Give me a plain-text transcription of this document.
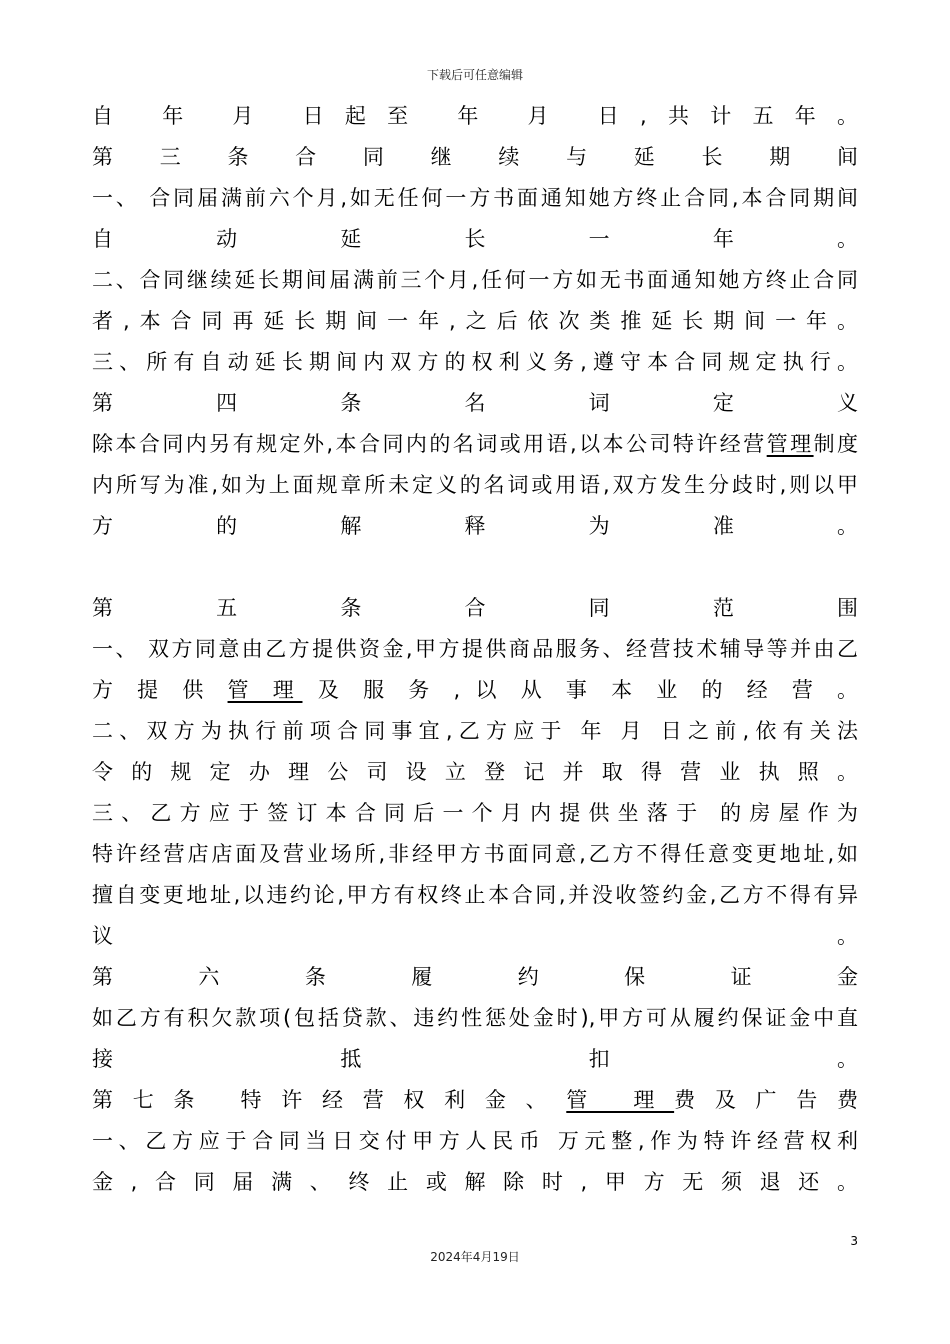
下载后可任意编辑
自 年 月 日起至 年 月 日,共计五年。
第 三 条 合 同 继 续 与 延 长 期 间
一、 合同届满前六个月,如无任何一方书面通知她方终止合同,本合同期间
自 动 延 长 一 年 。
二、合同继续延长期间届满前三个月,任何一方如无书面通知她方终止合同
者,本合同再延长期间一年,之后依次类推延长期间一年。
三、所有自动延长期间内双方的权利义务,遵守本合同规定执行。
第 四 条 名 词 定 义
除本合同内另有规定外,本合同内的名词或用语,以本公司特许经营管理制度
内所写为准,如为上面规章所未定义的名词或用语,双方发生分歧时,则以甲
方 的 解 释 为 准 。
第 五 条 合 同 范 围
一、 双方同意由乙方提供资金,甲方提供商品服务、经营技术辅导等并由乙
方 提 供 管 理 及 服 务 , 以 从 事 本 业 的 经 营 。
二、双方为执行前项合同事宜,乙方应于 年 月 日之前,依有关法
令的规定办理公司设立登记并取得营业执照。
三、乙方应于签订本合同后一个月内提供坐落于 的房屋作为
特许经营店店面及营业场所,非经甲方书面同意,乙方不得任意变更地址,如
擅自变更地址,以违约论,甲方有权终止本合同,并没收签约金,乙方不得有异
议 。
第 六 条 履 约 保 证 金
如乙方有积欠款项(包括贷款、违约性惩处金时),甲方可从履约保证金中直
接 抵 扣 。
第七条 特许经营权利金、管 理费及广告费
一、乙方应于合同当日交付甲方人民币 万元整,作为特许经营权利
金,合同届满、终止或解除时,甲方无须退还。
3
2024年4月19日
